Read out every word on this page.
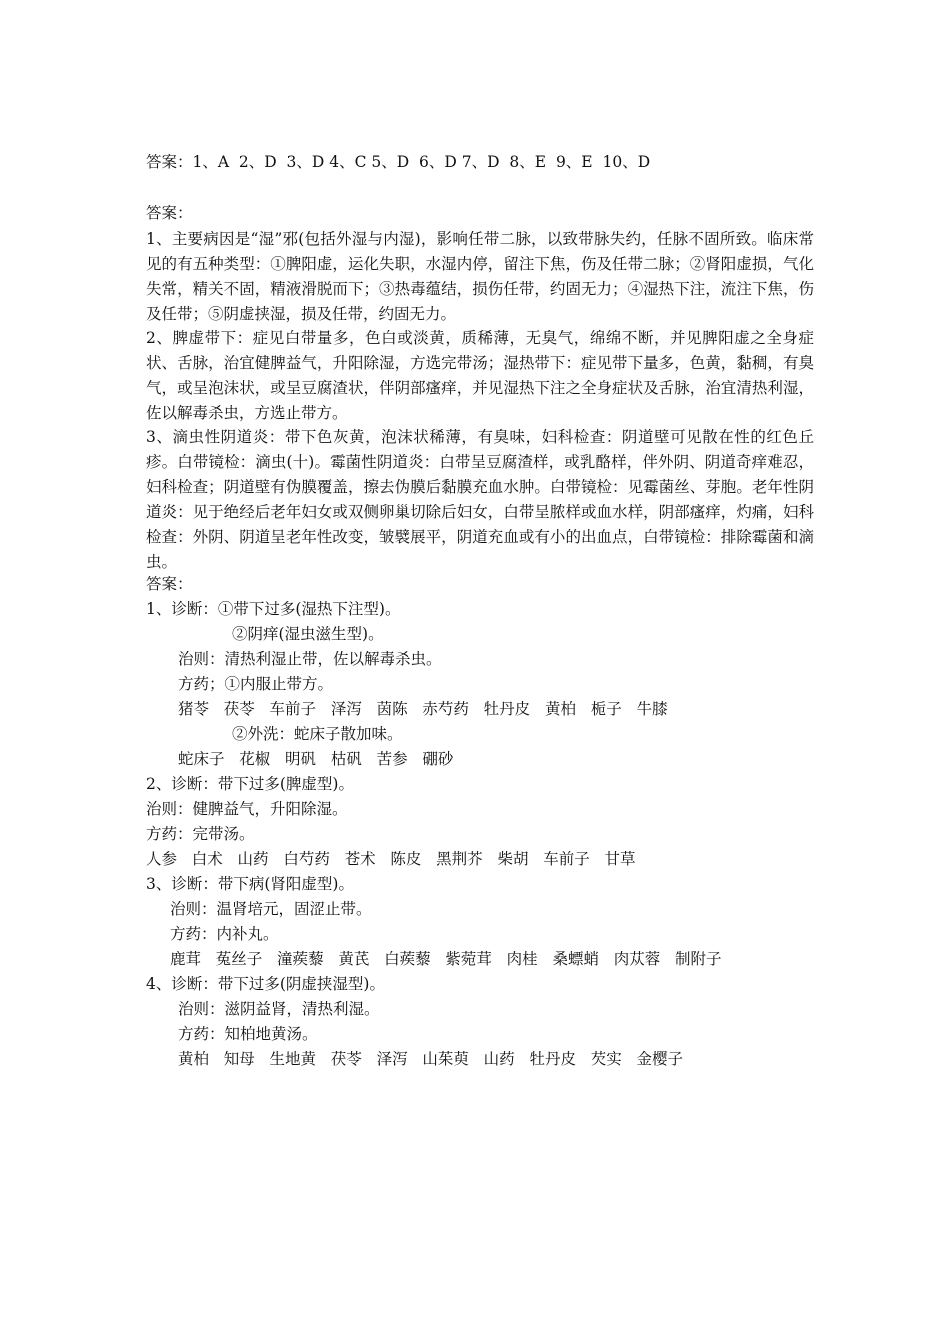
答案：1、A  2、D  3、D 4、C 5、D  6、D 7、D  8、E  9、E  10、D
答案：

1、主要病因是“湿”邪(包括外湿与内湿)，影响任带二脉，以致带脉失约，任脉不固所致。临床常见的有五种类型：①脾阳虚，运化失职，水湿内停，留注下焦，伤及任带二脉；②肾阳虚损，气化失常，精关不固，精液滑脱而下；③热毒蕴结，损伤任带，约固无力；④湿热下注，流注下焦，伤及任带；⑤阴虚挟湿，损及任带，约固无力。

2、脾虚带下：症见白带量多，色白或淡黄，质稀薄，无臭气，绵绵不断，并见脾阳虚之全身症状、舌脉，治宜健脾益气，升阳除湿，方选完带汤；湿热带下：症见带下量多，色黄，黏稠，有臭气，或呈泡沫状，或呈豆腐渣状，伴阴部瘙痒，并见湿热下注之全身症状及舌脉，治宜清热利湿，佐以解毒杀虫，方选止带方。

3、滴虫性阴道炎：带下色灰黄，泡沫状稀薄，有臭味，妇科检查：阴道壁可见散在性的红色丘疹。白带镜检：滴虫(十)。霉菌性阴道炎：白带呈豆腐渣样，或乳酪样，伴外阴、阴道奇痒难忍，妇科检查；阴道壁有伪膜覆盖，擦去伪膜后黏膜充血水肿。白带镜检：见霉菌丝、芽胞。老年性阴道炎：见于绝经后老年妇女或双侧卵巢切除后妇女，白带呈脓样或血水样，阴部瘙痒，灼痛，妇科检查：外阴、阴道呈老年性改变，皱襞展平，阴道充血或有小的出血点，白带镜检：排除霉菌和滴虫。

答案：
1、诊断：①带下过多(湿热下注型)。
②阴痒(湿虫滋生型)。
治则：清热利湿止带，佐以解毒杀虫。
方药；①内服止带方。
猪苓   茯苓   车前子   泽泻   茵陈   赤芍药   牡丹皮   黄柏   栀子   牛膝
②外洗：蛇床子散加味。
蛇床子   花椒   明矾   枯矾   苦参   硼砂
2、诊断：带下过多(脾虚型)。
治则：健脾益气，升阳除湿。
方药：完带汤。
人参   白术   山药   白芍药   苍术   陈皮   黑荆芥   柴胡   车前子   甘草
3、诊断：带下病(肾阳虚型)。
治则：温肾培元，固涩止带。
方药：内补丸。
鹿茸   菟丝子   潼蒺藜   黄芪   白蒺藜   紫菀茸   肉桂   桑螵蛸   肉苁蓉   制附子
4、诊断：带下过多(阴虚挟湿型)。
治则：滋阴益肾，清热利湿。
方药：知柏地黄汤。
黄柏   知母   生地黄   茯苓   泽泻   山茱萸   山药   牡丹皮   芡实   金樱子
